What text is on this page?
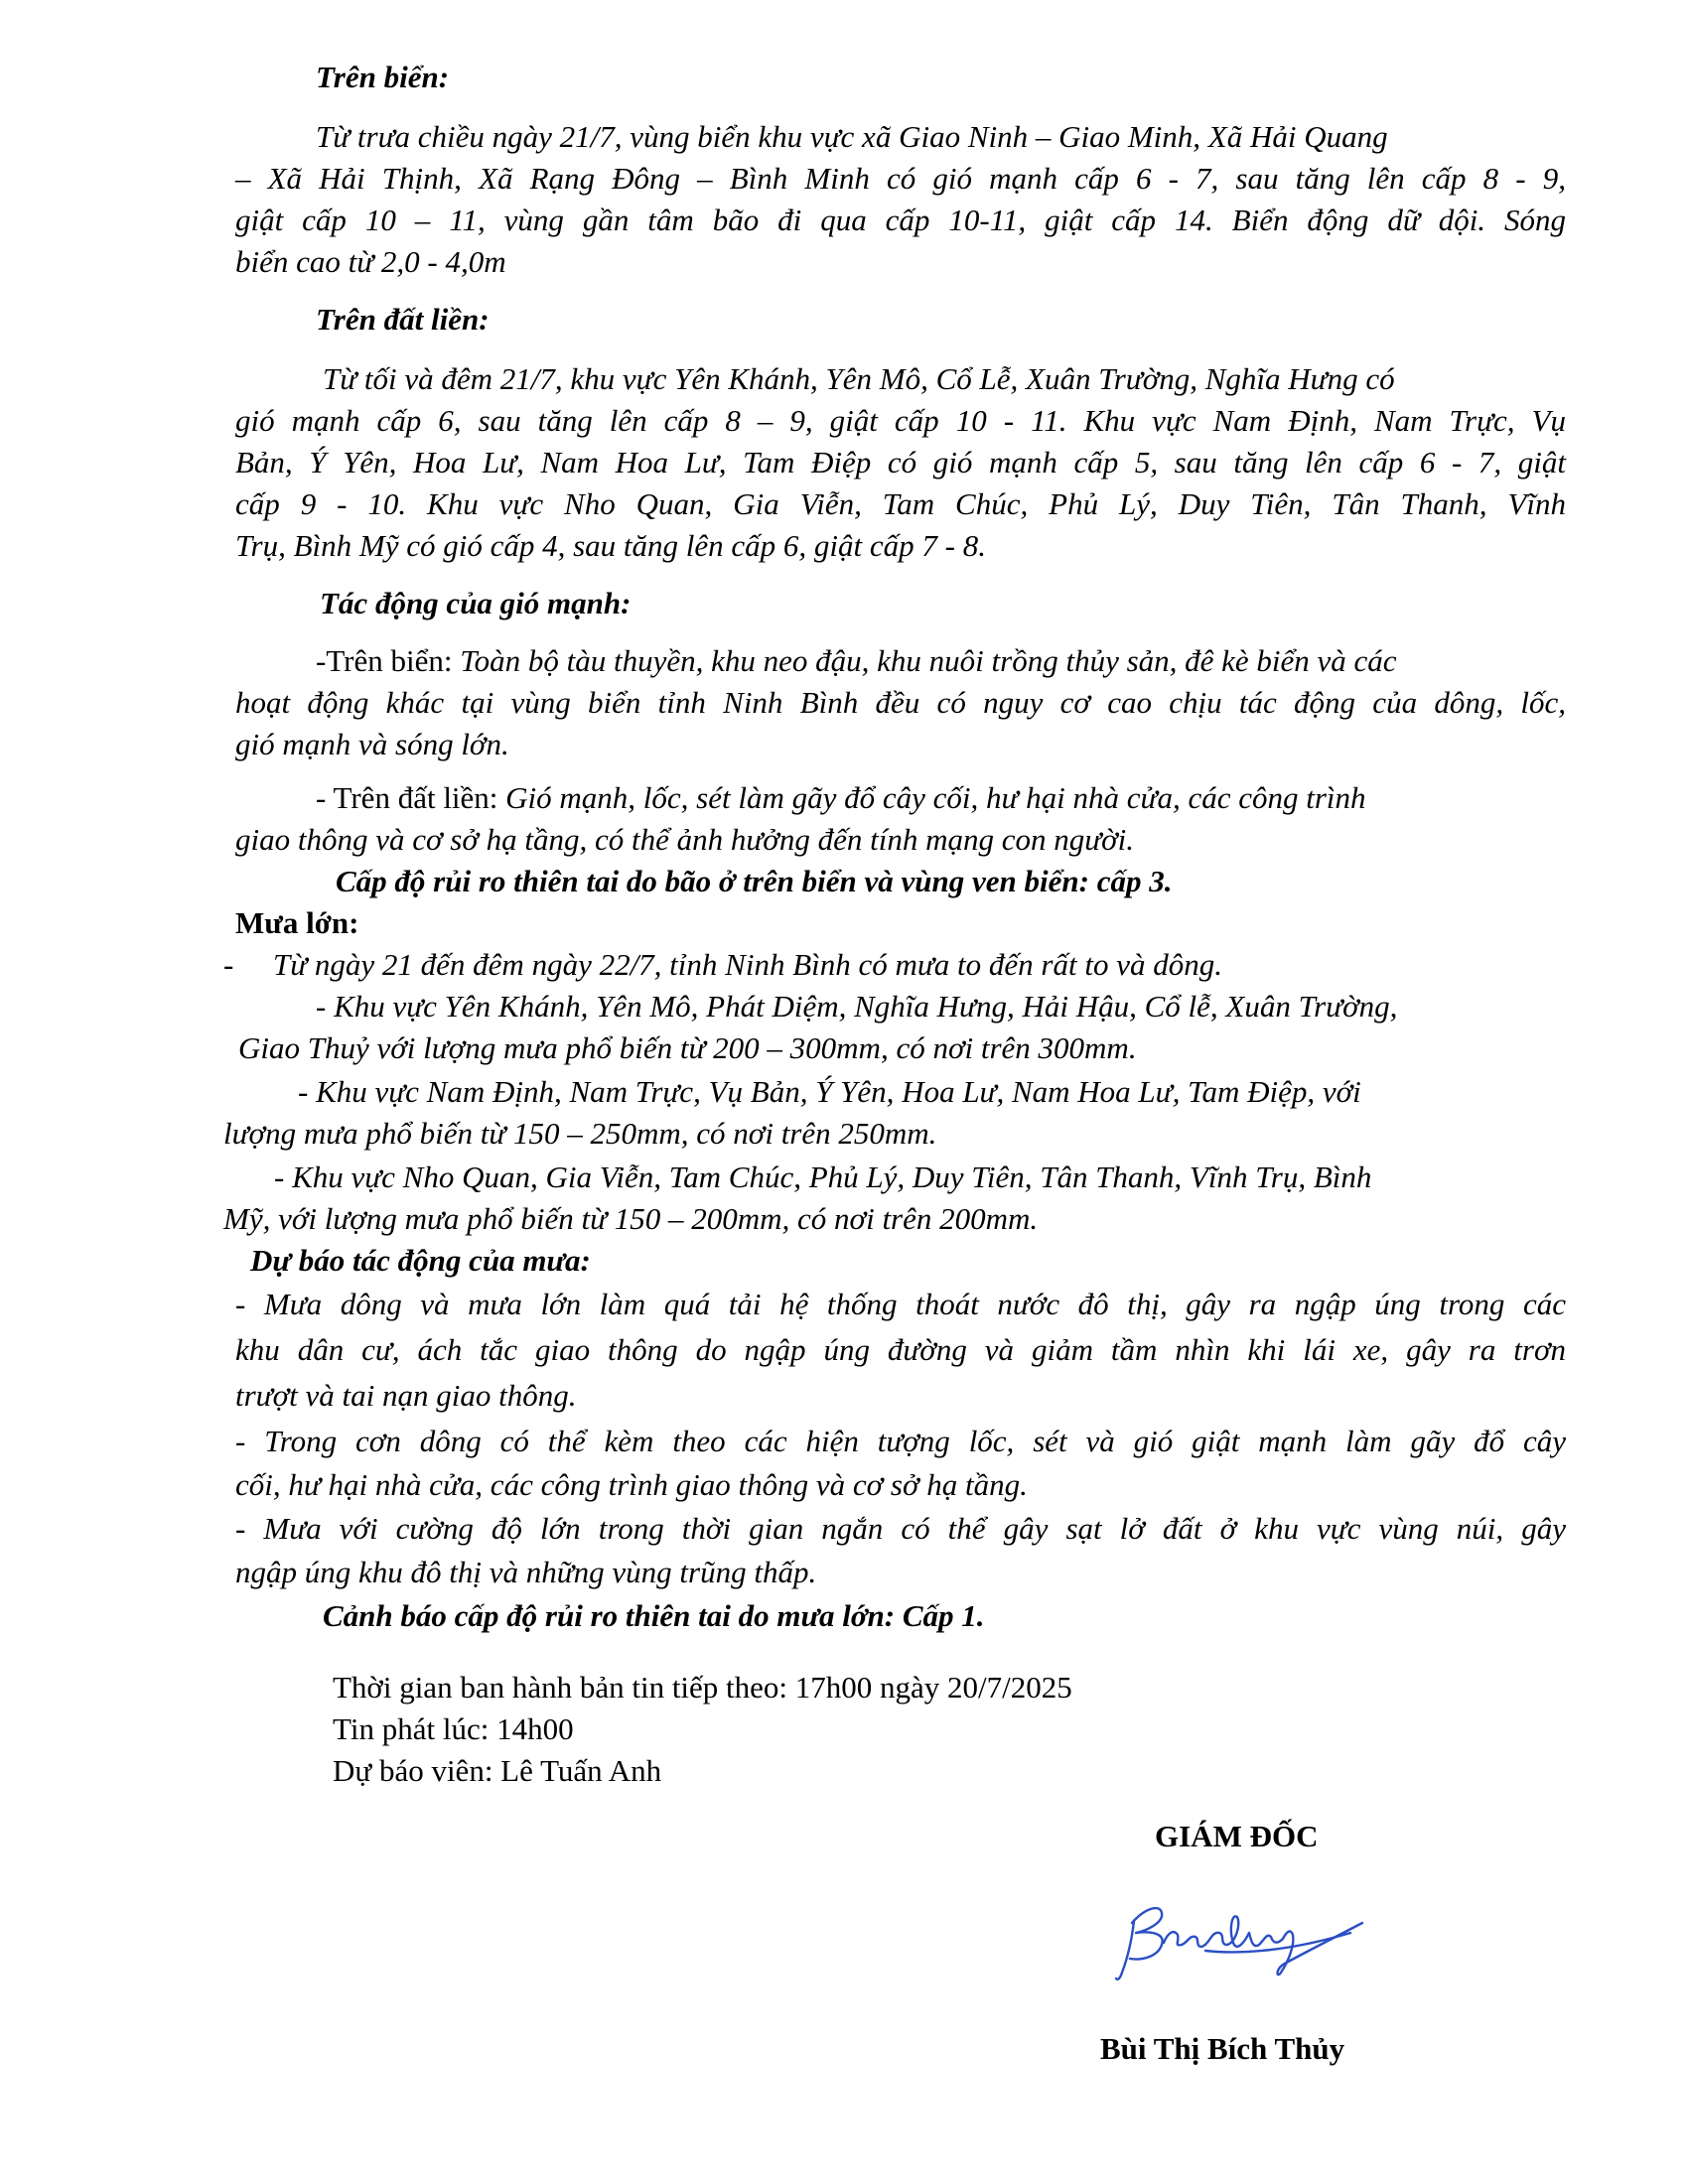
Trên biển:
Từ trưa chiều ngày 21/7, vùng biển khu vực xã Giao Ninh – Giao Minh, Xã Hải Quang
– Xã Hải Thịnh, Xã Rạng Đông – Bình Minh có gió mạnh cấp 6 - 7, sau tăng lên cấp 8 - 9,
giật cấp 10 – 11, vùng gần tâm bão đi qua cấp 10-11, giật cấp 14. Biển động dữ dội. Sóng
biển cao từ 2,0 - 4,0m
Trên đất liền:
Từ tối và đêm 21/7, khu vực Yên Khánh, Yên Mô, Cổ Lễ, Xuân Trường, Nghĩa Hưng có
gió mạnh cấp 6, sau tăng lên cấp 8 – 9, giật cấp 10 - 11. Khu vực Nam Định, Nam Trực, Vụ
Bản, Ý Yên, Hoa Lư, Nam Hoa Lư, Tam Điệp có gió mạnh cấp 5, sau tăng lên cấp 6 - 7, giật
cấp 9 - 10. Khu vực Nho Quan, Gia Viễn, Tam Chúc, Phủ Lý, Duy Tiên, Tân Thanh, Vĩnh
Trụ, Bình Mỹ có gió cấp 4, sau tăng lên cấp 6, giật cấp 7 - 8.
Tác động của gió mạnh:
-Trên biển: Toàn bộ tàu thuyền, khu neo đậu, khu nuôi trồng thủy sản, đê kè biển và các
hoạt động khác tại vùng biển tỉnh Ninh Bình đều có nguy cơ cao chịu tác động của dông, lốc,
gió mạnh và sóng lớn.
- Trên đất liền: Gió mạnh, lốc, sét làm gãy đổ cây cối, hư hại nhà cửa, các công trình
giao thông và cơ sở hạ tầng, có thể ảnh hưởng đến tính mạng con người.
Cấp độ rủi ro thiên tai do bão ở trên biển và vùng ven biển: cấp 3.
Mưa lớn:
- Từ ngày 21 đến đêm ngày 22/7, tỉnh Ninh Bình có mưa to đến rất to và dông.
- Khu vực Yên Khánh, Yên Mô, Phát Diệm, Nghĩa Hưng, Hải Hậu, Cổ lễ, Xuân Trường,
Giao Thuỷ với lượng mưa phổ biến từ 200 – 300mm, có nơi trên 300mm.
- Khu vực Nam Định, Nam Trực, Vụ Bản, Ý Yên, Hoa Lư, Nam Hoa Lư, Tam Điệp, với
lượng mưa phổ biến từ 150 – 250mm, có nơi trên 250mm.
- Khu vực Nho Quan, Gia Viễn, Tam Chúc, Phủ Lý, Duy Tiên, Tân Thanh, Vĩnh Trụ, Bình
Mỹ, với lượng mưa phổ biến từ 150 – 200mm, có nơi trên 200mm.
Dự báo tác động của mưa:
- Mưa dông và mưa lớn làm quá tải hệ thống thoát nước đô thị, gây ra ngập úng trong các
khu dân cư, ách tắc giao thông do ngập úng đường và giảm tầm nhìn khi lái xe, gây ra trơn
trượt và tai nạn giao thông.
- Trong cơn dông có thể kèm theo các hiện tượng lốc, sét và gió giật mạnh làm gãy đổ cây
cối, hư hại nhà cửa, các công trình giao thông và cơ sở hạ tầng.
- Mưa với cường độ lớn trong thời gian ngắn có thể gây sạt lở đất ở khu vực vùng núi, gây
ngập úng khu đô thị và những vùng trũng thấp.
Cảnh báo cấp độ rủi ro thiên tai do mưa lớn: Cấp 1.
Thời gian ban hành bản tin tiếp theo: 17h00 ngày 20/7/2025
Tin phát lúc: 14h00
Dự báo viên: Lê Tuấn Anh
GIÁM ĐỐC
Bùi Thị Bích Thủy
